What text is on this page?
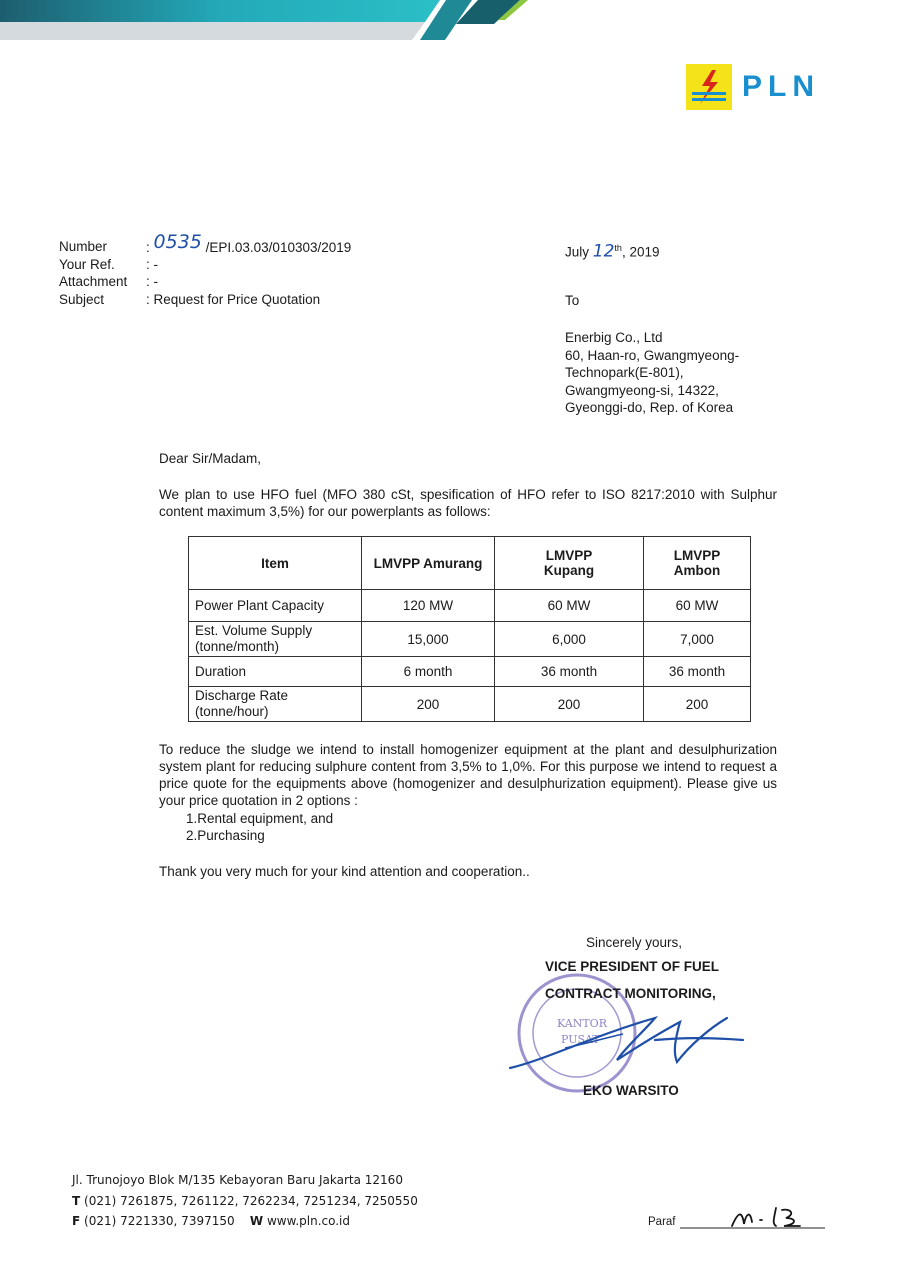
PLN
Number	: 0535 /EPI.03.03/010303/2019
Your Ref.	: -
Attachment	: -
Subject	: Request for Price Quotation
July 12th, 2019
To
Enerbig Co., Ltd
60, Haan-ro, Gwangmyeong-
Technopark(E-801),
Gwangmyeong-si, 14322,
Gyeonggi-do, Rep. of Korea
Dear Sir/Madam,
We plan to use HFO fuel (MFO 380 cSt, spesification of HFO refer to ISO 8217:2010 with Sulphur content maximum 3,5%) for our powerplants as follows:
Item	LMVPP Amurang	LMVPP Kupang	LMVPP Ambon
Power Plant Capacity	120 MW	60 MW	60 MW
Est. Volume Supply (tonne/month)	15,000	6,000	7,000
Duration	6 month	36 month	36 month
Discharge Rate (tonne/hour)	200	200	200
To reduce the sludge we intend to install homogenizer equipment at the plant and desulphurization system plant for reducing sulphure content from 3,5% to 1,0%. For this purpose we intend to request a price quote for the equipments above (homogenizer and desulphurization equipment). Please give us your price quotation in 2 options :
1.Rental equipment, and
2.Purchasing
Thank you very much for your kind attention and cooperation..
Sincerely yours,
KANTOR
PUSAT
VICE PRESIDENT OF FUEL
CONTRACT MONITORING,
EKO WARSITO
Jl. Trunojoyo Blok M/135 Kebayoran Baru Jakarta 12160
T (021) 7261875, 7261122, 7262234, 7251234, 7250550
F (021) 7221330, 7397150 W www.pln.co.id	Paraf
